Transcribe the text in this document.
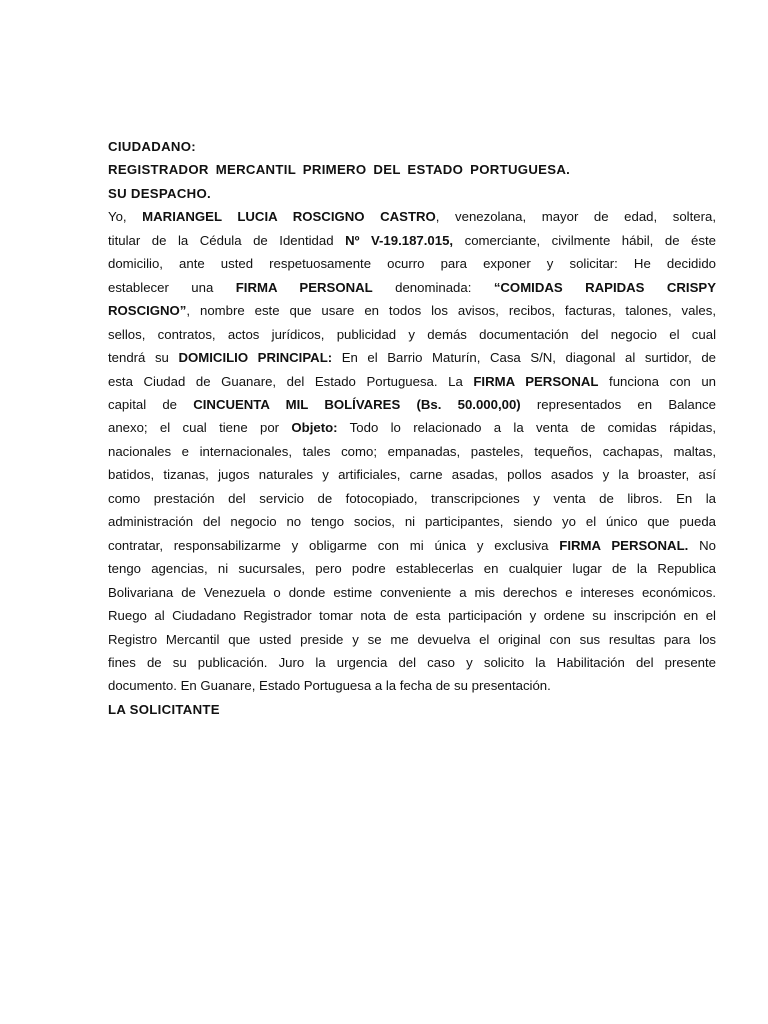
CIUDADANO:
REGISTRADOR MERCANTIL PRIMERO DEL ESTADO PORTUGUESA.
SU DESPACHO.
Yo, MARIANGEL LUCIA ROSCIGNO CASTRO, venezolana, mayor de edad, soltera,
titular de la Cédula de Identidad Nº V-19.187.015, comerciante, civilmente hábil, de éste
domicilio, ante usted respetuosamente ocurro para exponer y solicitar: He decidido
establecer una FIRMA PERSONAL denominada: “COMIDAS RAPIDAS CRISPY
ROSCIGNO”, nombre este que usare en todos los avisos, recibos, facturas, talones, vales,
sellos, contratos, actos jurídicos, publicidad y demás documentación del negocio el cual
tendrá su DOMICILIO PRINCIPAL: En el Barrio Maturín, Casa S/N, diagonal al surtidor, de
esta Ciudad de Guanare, del Estado Portuguesa. La FIRMA PERSONAL funciona con un
capital de CINCUENTA MIL BOLÍVARES (Bs. 50.000,00) representados en Balance
anexo; el cual tiene por Objeto: Todo lo relacionado a la venta de comidas rápidas,
nacionales e internacionales, tales como; empanadas, pasteles, tequeños, cachapas, maltas,
batidos, tizanas, jugos naturales y artificiales, carne asadas, pollos asados y la broaster, así
como prestación del servicio de fotocopiado, transcripciones y venta de libros. En la
administración del negocio no tengo socios, ni participantes, siendo yo el único que pueda
contratar, responsabilizarme y obligarme con mi única y exclusiva FIRMA PERSONAL. No
tengo agencias, ni sucursales, pero podre establecerlas en cualquier lugar de la Republica
Bolivariana de Venezuela o donde estime conveniente a mis derechos e intereses económicos.
Ruego al Ciudadano Registrador tomar nota de esta participación y ordene su inscripción en el
Registro Mercantil que usted preside y se me devuelva el original con sus resultas para los
fines de su publicación. Juro la urgencia del caso y solicito la Habilitación del presente
documento. En Guanare, Estado Portuguesa a la fecha de su presentación.
LA SOLICITANTE
